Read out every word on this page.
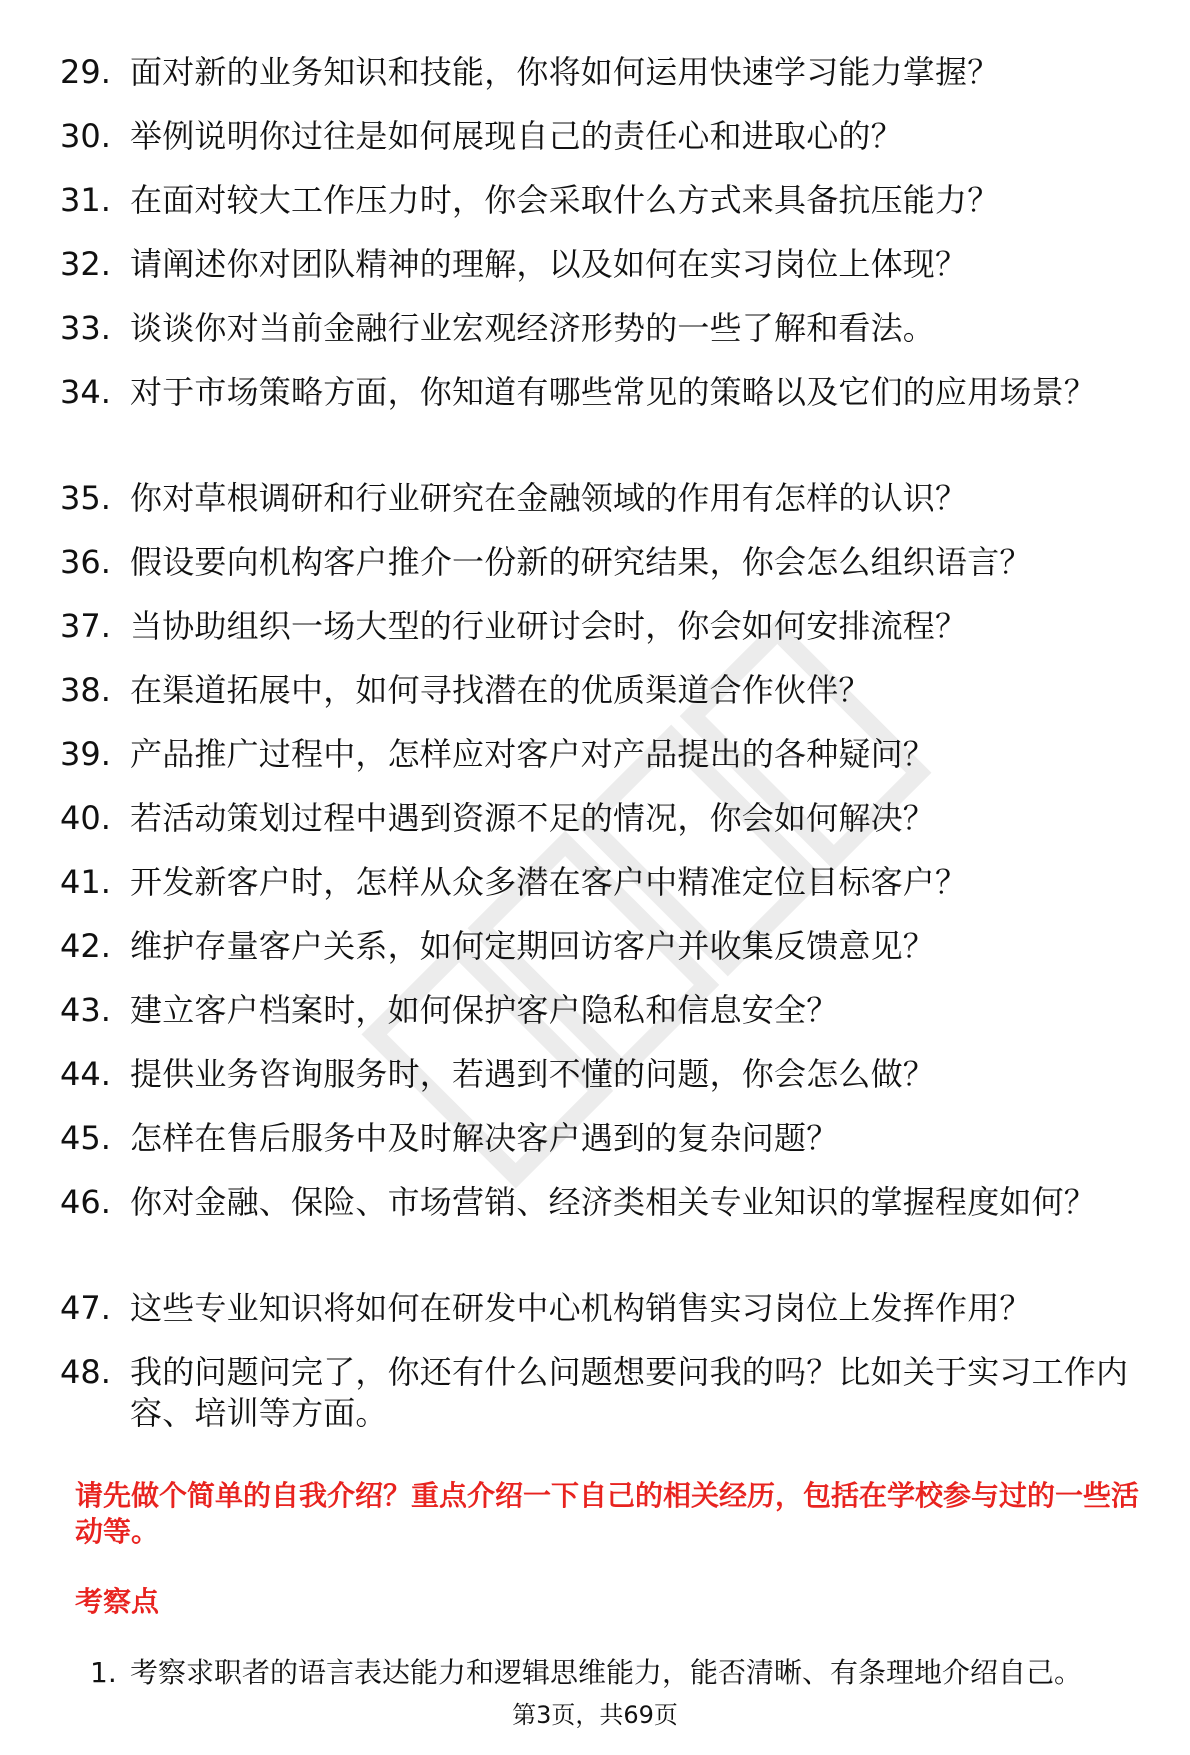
29. 面对新的业务知识和技能，你将如何运用快速学习能力掌握？
30. 举例说明你过往是如何展现自己的责任心和进取心的？
31. 在面对较大工作压力时，你会采取什么方式来具备抗压能力？
32. 请阐述你对团队精神的理解，以及如何在实习岗位上体现？
33. 谈谈你对当前金融行业宏观经济形势的一些了解和看法。
34. 对于市场策略方面，你知道有哪些常见的策略以及它们的应用场景？
35. 你对草根调研和行业研究在金融领域的作用有怎样的认识？
36. 假设要向机构客户推介一份新的研究结果，你会怎么组织语言？
37. 当协助组织一场大型的行业研讨会时，你会如何安排流程？
38. 在渠道拓展中，如何寻找潜在的优质渠道合作伙伴？
39. 产品推广过程中，怎样应对客户对产品提出的各种疑问？
40. 若活动策划过程中遇到资源不足的情况，你会如何解决？
41. 开发新客户时，怎样从众多潜在客户中精准定位目标客户？
42. 维护存量客户关系，如何定期回访客户并收集反馈意见？
43. 建立客户档案时，如何保护客户隐私和信息安全？
44. 提供业务咨询服务时，若遇到不懂的问题，你会怎么做？
45. 怎样在售后服务中及时解决客户遇到的复杂问题？
46. 你对金融、保险、市场营销、经济类相关专业知识的掌握程度如何？
47. 这些专业知识将如何在研发中心机构销售实习岗位上发挥作用？
48. 我的问题问完了，你还有什么问题想要问我的吗？比如关于实习工作内容、培训等方面。
请先做个简单的自我介绍？重点介绍一下自己的相关经历，包括在学校参与过的一些活动等。
考察点
1. 考察求职者的语言表达能力和逻辑思维能力，能否清晰、有条理地介绍自己。
第3页，共69页
